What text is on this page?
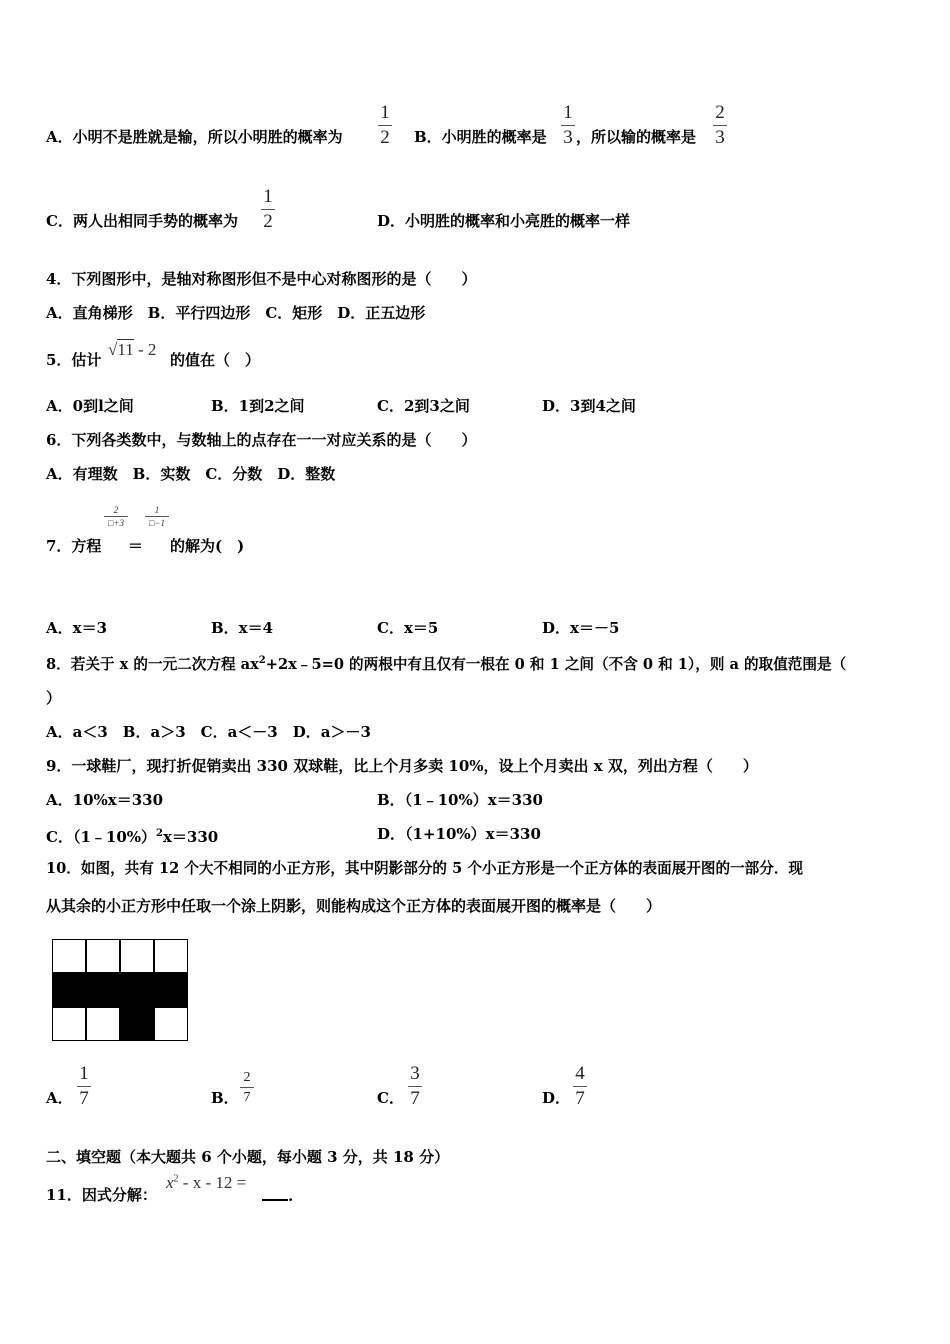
A．小明不是胜就是输，所以小明胜的概率为
1
2 B．小明胜的概率是
1
3 ，所以输的概率是
2
3
C．两人出相同手势的概率为
1
2	D．小明胜的概率和小亮胜的概率一样
4．下列图形中，是轴对称图形但不是中心对称图形的是（　　）
A．直角梯形　B．平行四边形　C．矩形　D．正五边形
5．估计
√11 - 2
的值在（　）
A．0到l之间	B．1到2之间	C．2到3之间	D．3到4之间
6．下列各类数中，与数轴上的点存在一一对应关系的是（　　）
A．有理数　B．实数　C．分数　D．整数
2
□+3
1
□−1
7．方程 ＝ 的解为(　)
A．x＝3	B．x＝4	C．x＝5	D．x＝－5
8．若关于 x 的一元二次方程 $ax^2+2x﹣5=0$ 的两根中有且仅有一根在 0 和 1 之间（不含 0 和 1），则 a 的取值范围是（
）
A．a＜3　B．a＞3　C．a＜－3　D．a＞－3
9．一球鞋厂，现打折促销卖出 330 双球鞋，比上个月多卖 10%，设上个月卖出 x 双，列出方程（　　）
A．10%x＝330	B．（1﹣10%）x＝330
C．（1﹣10%）$^2$x＝330	D．（1+10%）x＝330
10．如图，共有 12 个大不相同的小正方形，其中阴影部分的 5 个小正方形是一个正方体的表面展开图的一部分．现
从其余的小正方形中任取一个涂上阴影，则能构成这个正方体的表面展开图的概率是（　　）
A．
1
7	B．
2
7	C．
3
7	D．
4
7
二、填空题（本大题共 6 个小题，每小题 3 分，共 18 分）
11．因式分解：
$x^2$ - x - 12 =
.
